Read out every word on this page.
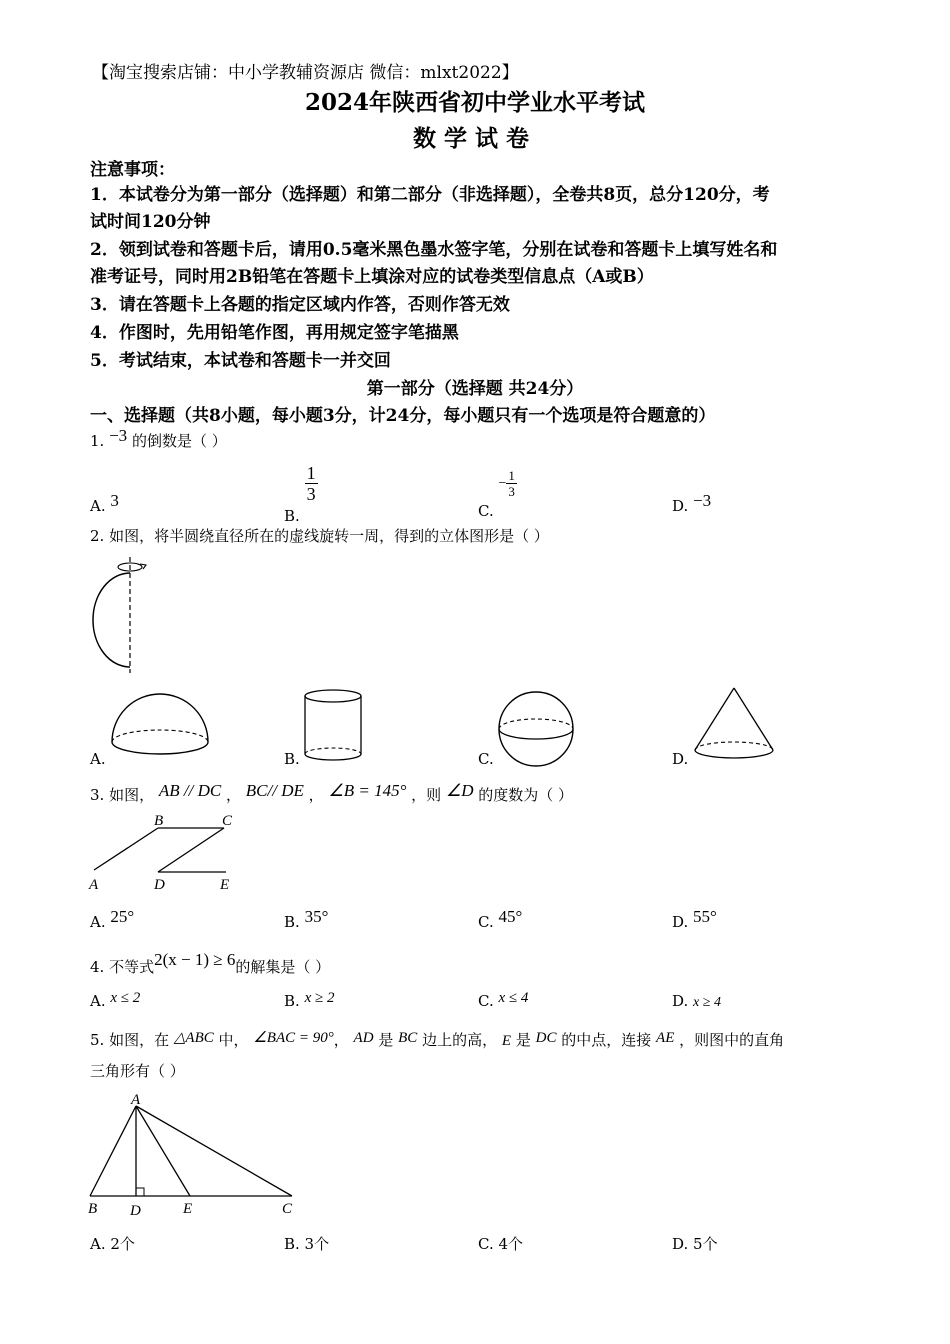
【淘宝搜索店铺：中小学教辅资源店 微信：mlxt2022】
2024年陕西省初中学业水平考试
数学试卷
注意事项：
1．本试卷分为第一部分（选择题）和第二部分（非选择题），全卷共8页，总分120分，考
试时间120分钟
2．领到试卷和答题卡后，请用0.5毫米黑色墨水签字笔，分别在试卷和答题卡上填写姓名和
准考证号，同时用2B铅笔在答题卡上填涂对应的试卷类型信息点（A或B）
3．请在答题卡上各题的指定区域内作答，否则作答无效
4．作图时，先用铅笔作图，再用规定签字笔描黑
5．考试结束，本试卷和答题卡一并交回
第一部分（选择题 共24分）
一、选择题（共8小题，每小题3分，计24分，每小题只有一个选项是符合题意的）
1. −3 的倒数是（ ）
A. 3
B.
$\frac{1}{3}$
C. − $\frac{1}{3}$
D. −3
2. 如图，将半圆绕直径所在的虚线旋转一周，得到的立体图形是（ ）
A.	B.	C.	D.
3. 如图， AB // DC ， BC// DE ， ∠B = 145° ，则 ∠D 的度数为（ ）
A
B	C
D	E
A. 25°	B. 35°	C. 45°	D. 55°
4. 不等式2(x − 1) ≥ 6的解集是（ ）
A. x ≤ 2	B. x ≥ 2	C. x ≤ 4	D. x ≥ 4
5. 如图，在 △ABC 中， ∠BAC = 90°， AD 是 BC 边上的高， E 是 DC 的中点，连接 AE ，则图中的直角
三角形有（ ）
A
B D	E	C
A. 2个	B. 3个	C. 4个	D. 5个
